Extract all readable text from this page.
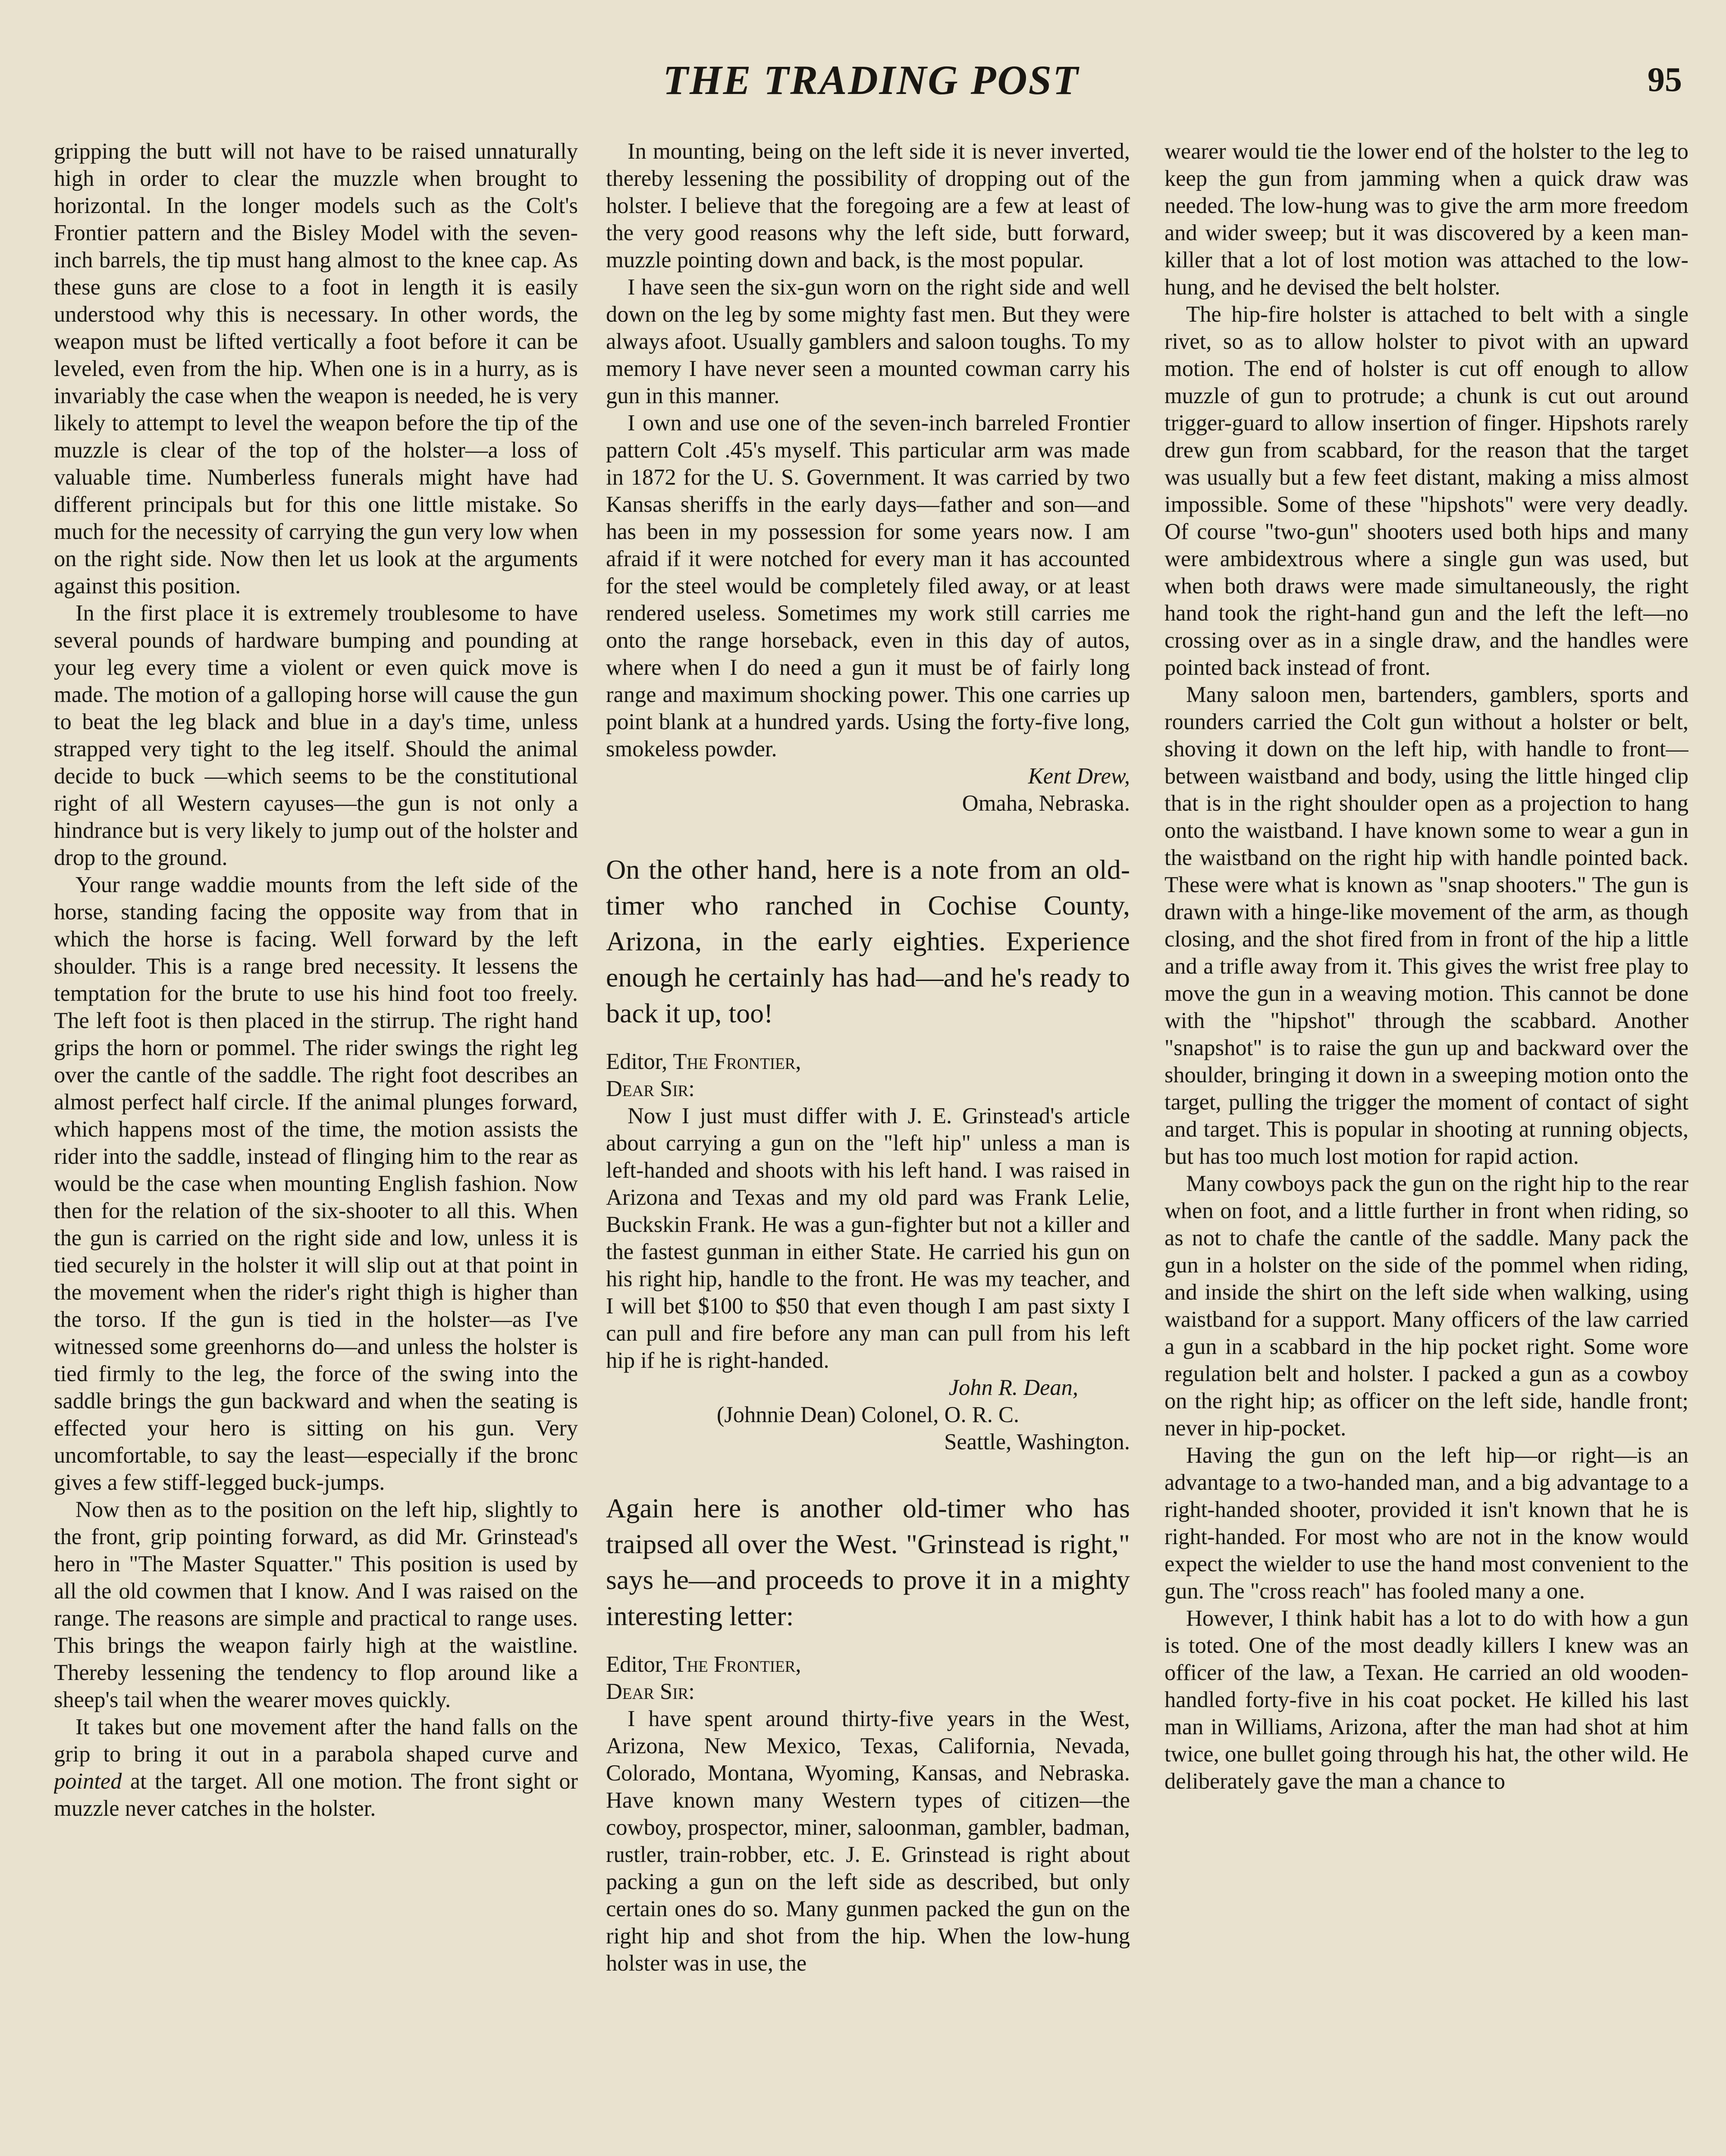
THE TRADING POST	95

gripping the butt will not have to be raised unnaturally high in order to clear the muzzle when brought to horizontal. In the longer models such as the Colt's Frontier pattern and the Bisley Model with the seven-inch barrels, the tip must hang almost to the knee cap. As these guns are close to a foot in length it is easily understood why this is necessary. In other words, the weapon must be lifted vertically a foot before it can be leveled, even from the hip. When one is in a hurry, as is invariably the case when the weapon is needed, he is very likely to attempt to level the weapon before the tip of the muzzle is clear of the top of the holster—a loss of valuable time. Numberless funerals might have had different principals but for this one little mistake. So much for the necessity of carrying the gun very low when on the right side. Now then let us look at the arguments against this position.

In the first place it is extremely troublesome to have several pounds of hardware bumping and pounding at your leg every time a violent or even quick move is made. The motion of a galloping horse will cause the gun to beat the leg black and blue in a day's time, unless strapped very tight to the leg itself. Should the animal decide to buck —which seems to be the constitutional right of all Western cayuses—the gun is not only a hindrance but is very likely to jump out of the holster and drop to the ground.

Your range waddie mounts from the left side of the horse, standing facing the opposite way from that in which the horse is facing. Well forward by the left shoulder. This is a range bred necessity. It lessens the temptation for the brute to use his hind foot too freely. The left foot is then placed in the stirrup. The right hand grips the horn or pommel. The rider swings the right leg over the cantle of the saddle. The right foot describes an almost perfect half circle. If the animal plunges forward, which happens most of the time, the motion assists the rider into the saddle, instead of flinging him to the rear as would be the case when mounting English fashion. Now then for the relation of the six-shooter to all this. When the gun is carried on the right side and low, unless it is tied securely in the holster it will slip out at that point in the movement when the rider's right thigh is higher than the torso. If the gun is tied in the holster—as I've witnessed some greenhorns do—and unless the holster is tied firmly to the leg, the force of the swing into the saddle brings the gun backward and when the seating is effected your hero is sitting on his gun. Very uncomfortable, to say the least—especially if the bronc gives a few stiff-legged buck-jumps.

Now then as to the position on the left hip, slightly to the front, grip pointing forward, as did Mr. Grinstead's hero in "The Master Squatter." This position is used by all the old cowmen that I know. And I was raised on the range. The reasons are simple and practical to range uses. This brings the weapon fairly high at the waistline. Thereby lessening the tendency to flop around like a sheep's tail when the wearer moves quickly.

It takes but one movement after the hand falls on the grip to bring it out in a parabola shaped curve and pointed at the target. All one motion. The front sight or muzzle never catches in the holster.

In mounting, being on the left side it is never inverted, thereby lessening the possibility of dropping out of the holster. I believe that the foregoing are a few at least of the very good reasons why the left side, butt forward, muzzle pointing down and back, is the most popular.

I have seen the six-gun worn on the right side and well down on the leg by some mighty fast men. But they were always afoot. Usually gamblers and saloon toughs. To my memory I have never seen a mounted cowman carry his gun in this manner.

I own and use one of the seven-inch barreled Frontier pattern Colt .45's myself. This particular arm was made in 1872 for the U. S. Government. It was carried by two Kansas sheriffs in the early days—father and son—and has been in my possession for some years now. I am afraid if it were notched for every man it has accounted for the steel would be completely filed away, or at least rendered useless. Sometimes my work still carries me onto the range horseback, even in this day of autos, where when I do need a gun it must be of fairly long range and maximum shocking power. This one carries up point blank at a hundred yards. Using the forty-five long, smokeless powder.

Kent Drew,

Omaha, Nebraska.

On the other hand, here is a note from an old-timer who ranched in Cochise County, Arizona, in the early eighties. Experience enough he certainly has had—and he's ready to back it up, too!

Editor, The Frontier,

Dear Sir:

Now I just must differ with J. E. Grinstead's article about carrying a gun on the "left hip" unless a man is left-handed and shoots with his left hand. I was raised in Arizona and Texas and my old pard was Frank Lelie, Buckskin Frank. He was a gun-fighter but not a killer and the fastest gunman in either State. He carried his gun on his right hip, handle to the front. He was my teacher, and I will bet $100 to $50 that even though I am past sixty I can pull and fire before any man can pull from his left hip if he is right-handed.

John R. Dean,

(Johnnie Dean) Colonel, O. R. C.

Seattle, Washington.

Again here is another old-timer who has traipsed all over the West. "Grinstead is right," says he—and proceeds to prove it in a mighty interesting letter:

Editor, The Frontier,

Dear Sir:

I have spent around thirty-five years in the West, Arizona, New Mexico, Texas, California, Nevada, Colorado, Montana, Wyoming, Kansas, and Nebraska. Have known many Western types of citizen—the cowboy, prospector, miner, saloonman, gambler, badman, rustler, train-robber, etc. J. E. Grinstead is right about packing a gun on the left side as described, but only certain ones do so. Many gunmen packed the gun on the right hip and shot from the hip. When the low-hung holster was in use, the

wearer would tie the lower end of the holster to the leg to keep the gun from jamming when a quick draw was needed. The low-hung was to give the arm more freedom and wider sweep; but it was discovered by a keen man-killer that a lot of lost motion was attached to the low-hung, and he devised the belt holster.

The hip-fire holster is attached to belt with a single rivet, so as to allow holster to pivot with an upward motion. The end of holster is cut off enough to allow muzzle of gun to protrude; a chunk is cut out around trigger-guard to allow insertion of finger. Hipshots rarely drew gun from scabbard, for the reason that the target was usually but a few feet distant, making a miss almost impossible. Some of these "hipshots" were very deadly. Of course "two-gun" shooters used both hips and many were ambidextrous where a single gun was used, but when both draws were made simultaneously, the right hand took the right-hand gun and the left the left—no crossing over as in a single draw, and the handles were pointed back instead of front.

Many saloon men, bartenders, gamblers, sports and rounders carried the Colt gun without a holster or belt, shoving it down on the left hip, with handle to front—between waistband and body, using the little hinged clip that is in the right shoulder open as a projection to hang onto the waistband. I have known some to wear a gun in the waistband on the right hip with handle pointed back. These were what is known as "snap shooters." The gun is drawn with a hinge-like movement of the arm, as though closing, and the shot fired from in front of the hip a little and a trifle away from it. This gives the wrist free play to move the gun in a weaving motion. This cannot be done with the "hipshot" through the scabbard. Another "snapshot" is to raise the gun up and backward over the shoulder, bringing it down in a sweeping motion onto the target, pulling the trigger the moment of contact of sight and target. This is popular in shooting at running objects, but has too much lost motion for rapid action.

Many cowboys pack the gun on the right hip to the rear when on foot, and a little further in front when riding, so as not to chafe the cantle of the saddle. Many pack the gun in a holster on the side of the pommel when riding, and inside the shirt on the left side when walking, using waistband for a support. Many officers of the law carried a gun in a scabbard in the hip pocket right. Some wore regulation belt and holster. I packed a gun as a cowboy on the right hip; as officer on the left side, handle front; never in hip-pocket.

Having the gun on the left hip—or right—is an advantage to a two-handed man, and a big advantage to a right-handed shooter, provided it isn't known that he is right-handed. For most who are not in the know would expect the wielder to use the hand most convenient to the gun. The "cross reach" has fooled many a one.

However, I think habit has a lot to do with how a gun is toted. One of the most deadly killers I knew was an officer of the law, a Texan. He carried an old wooden-handled forty-five in his coat pocket. He killed his last man in Williams, Arizona, after the man had shot at him twice, one bullet going through his hat, the other wild. He deliberately gave the man a chance to
